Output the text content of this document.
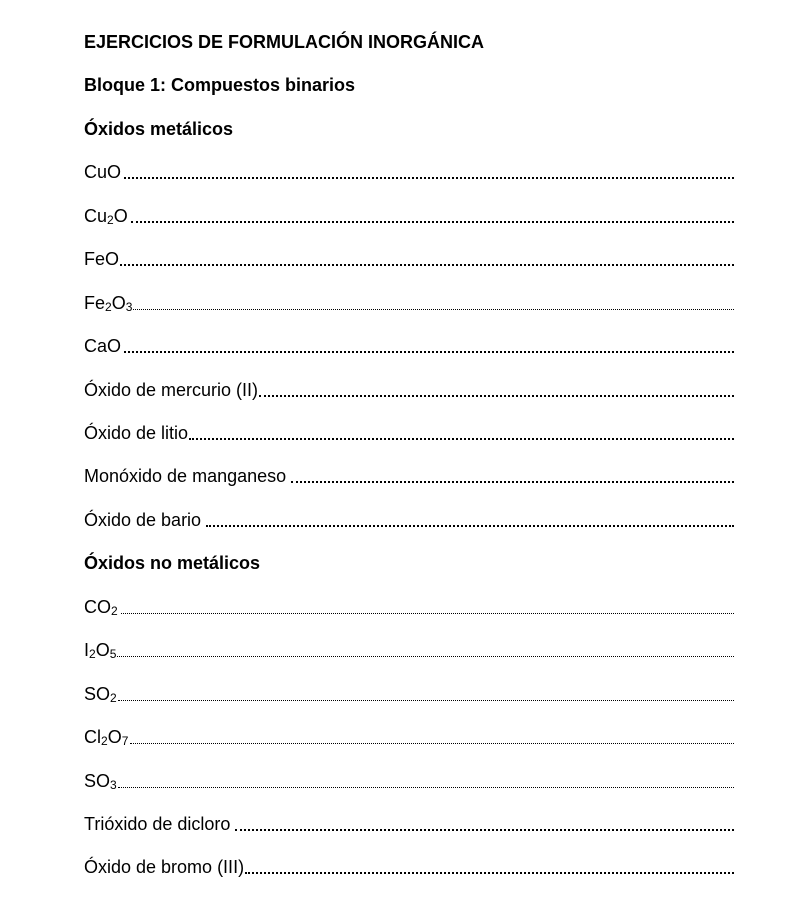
EJERCICIOS DE FORMULACIÓN INORGÁNICA
Bloque 1: Compuestos binarios
Óxidos metálicos
CuO
$Cu_2O$
FeO
$Fe_2O_3$
CaO
Óxido de mercurio (II)
Óxido de litio
Monóxido de manganeso
Óxido de bario
Óxidos no metálicos
$CO_2$
$I_2O_5$
$SO_2$
$Cl_2O_7$
$SO_3$
Trióxido de dicloro
Óxido de bromo (III)
